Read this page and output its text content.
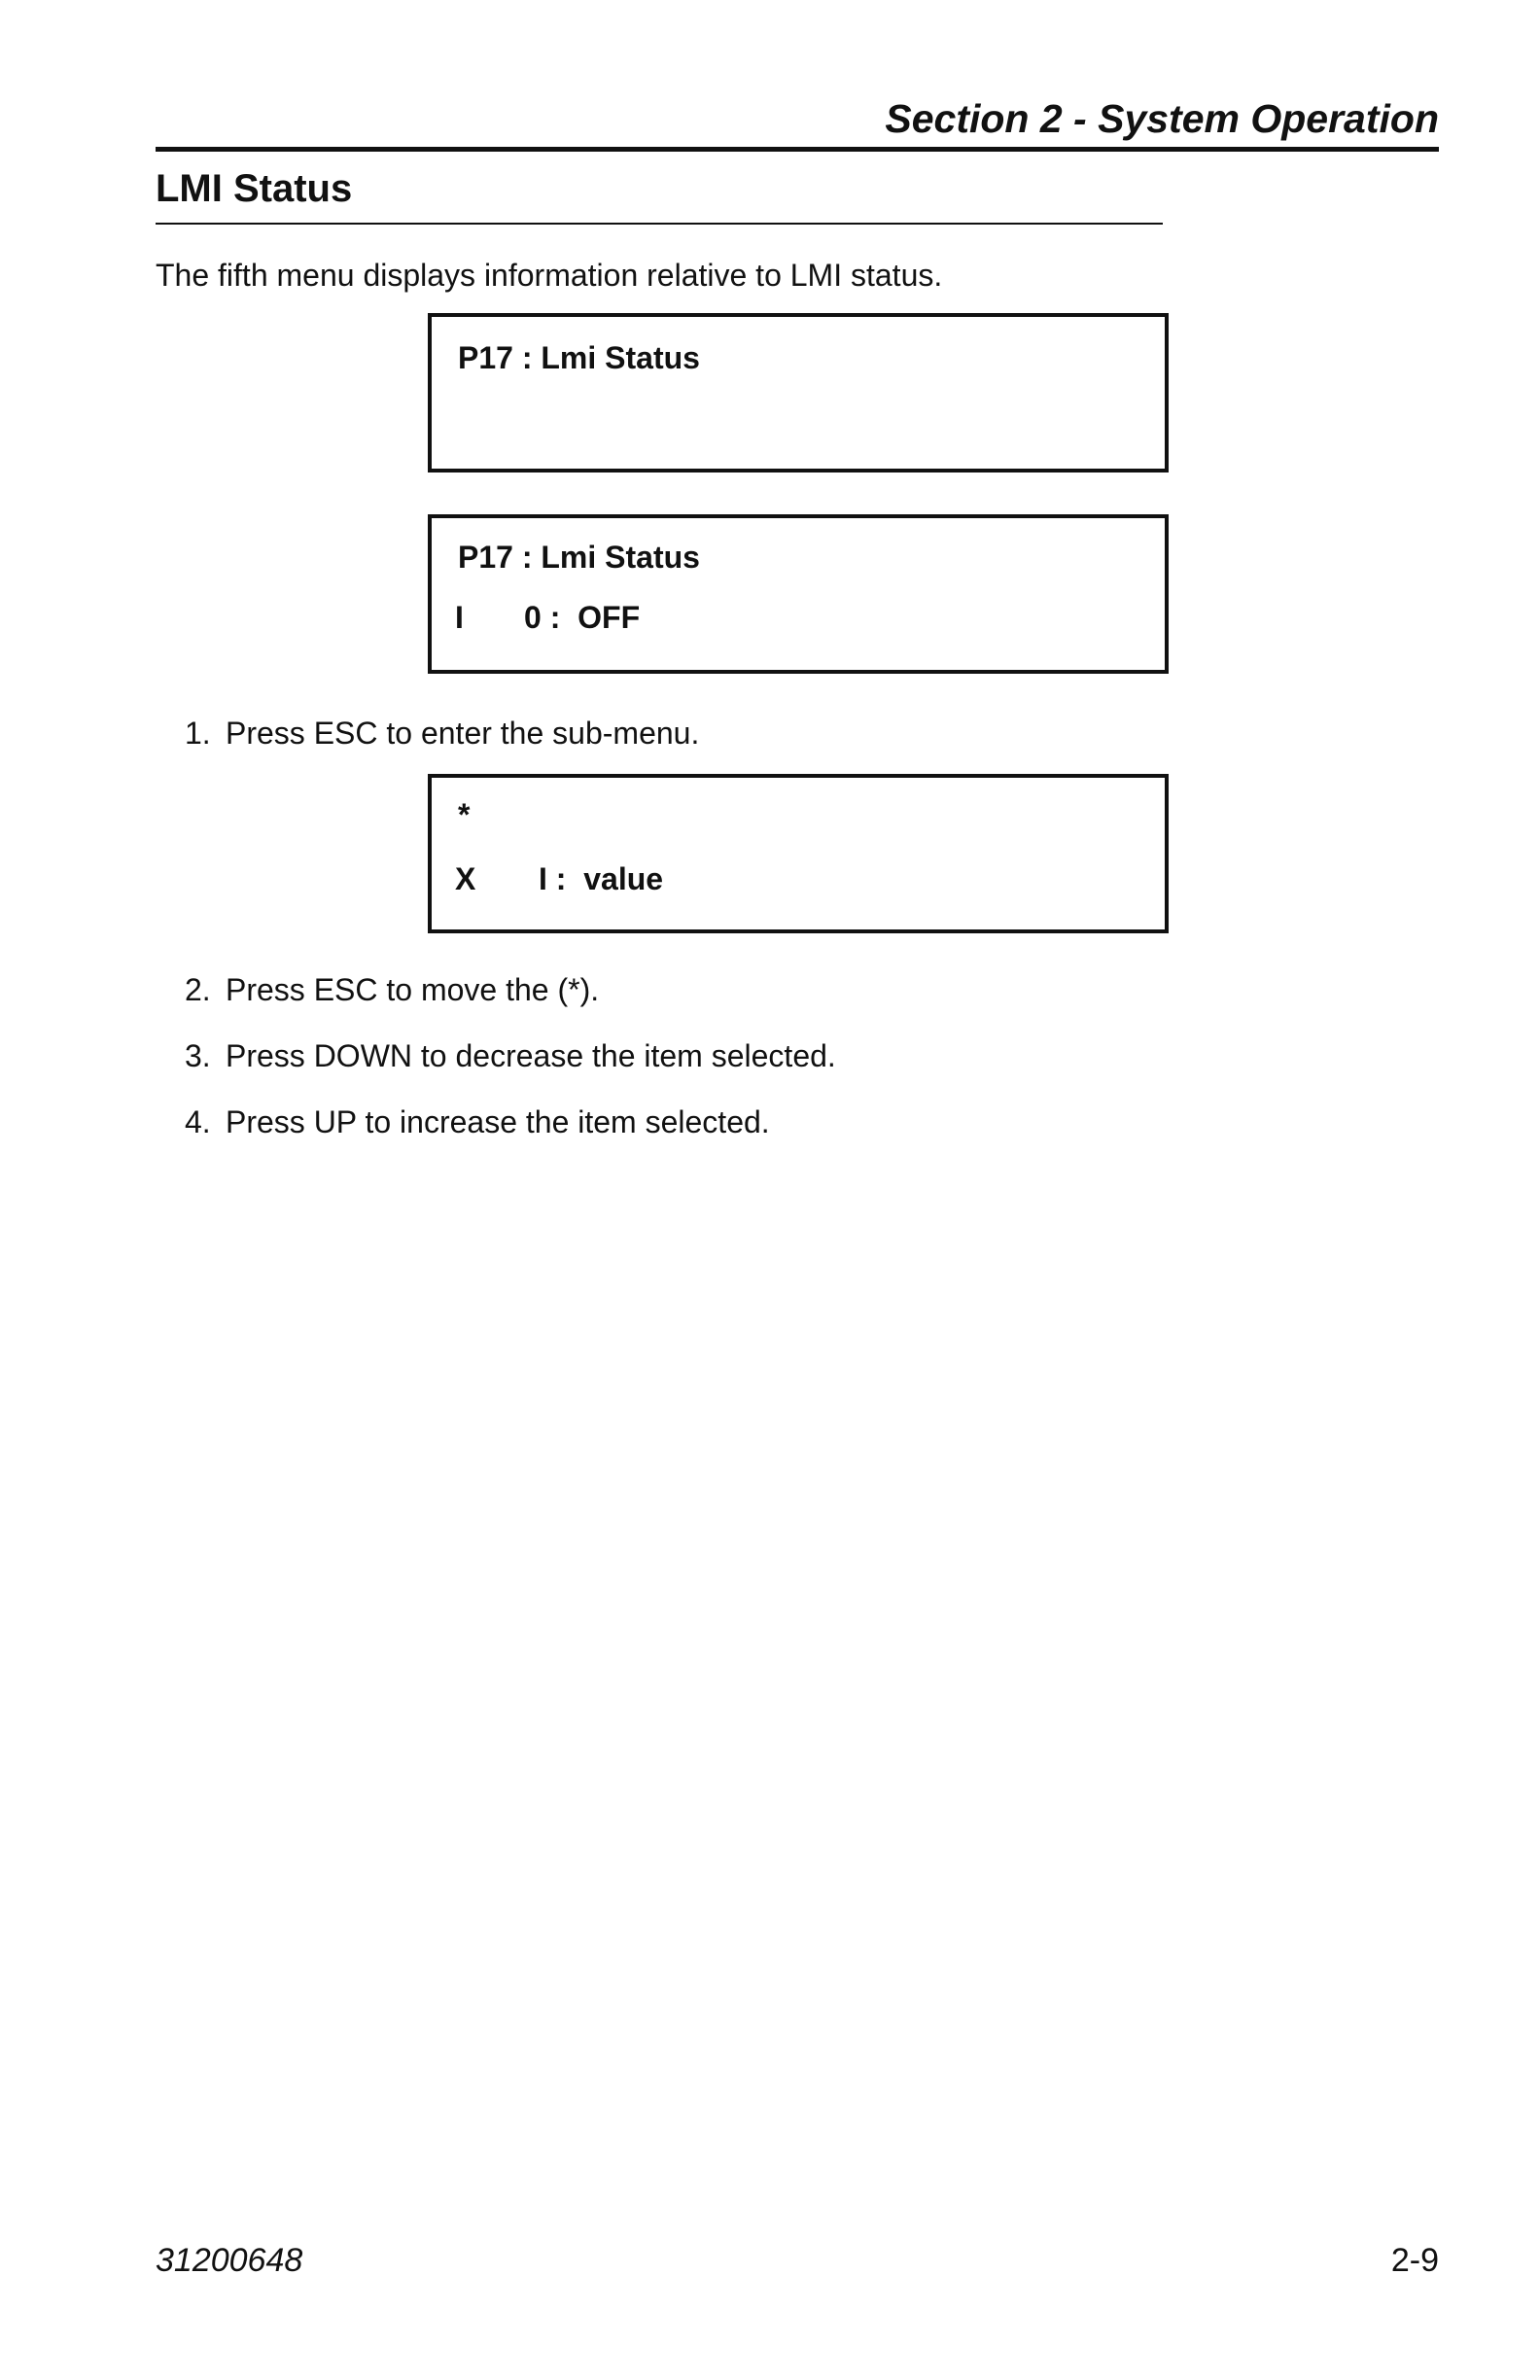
Section 2 - System Operation
LMI Status

The fifth menu displays information relative to LMI status.

P17 : Lmi Status
P17 : Lmi Status
I 0 :  OFF

1. Press ESC to enter the sub-menu.

*
X I :  value

2. Press ESC to move the (*).

3. Press DOWN to decrease the item selected.

4. Press UP to increase the item selected.

31200648	2-9
